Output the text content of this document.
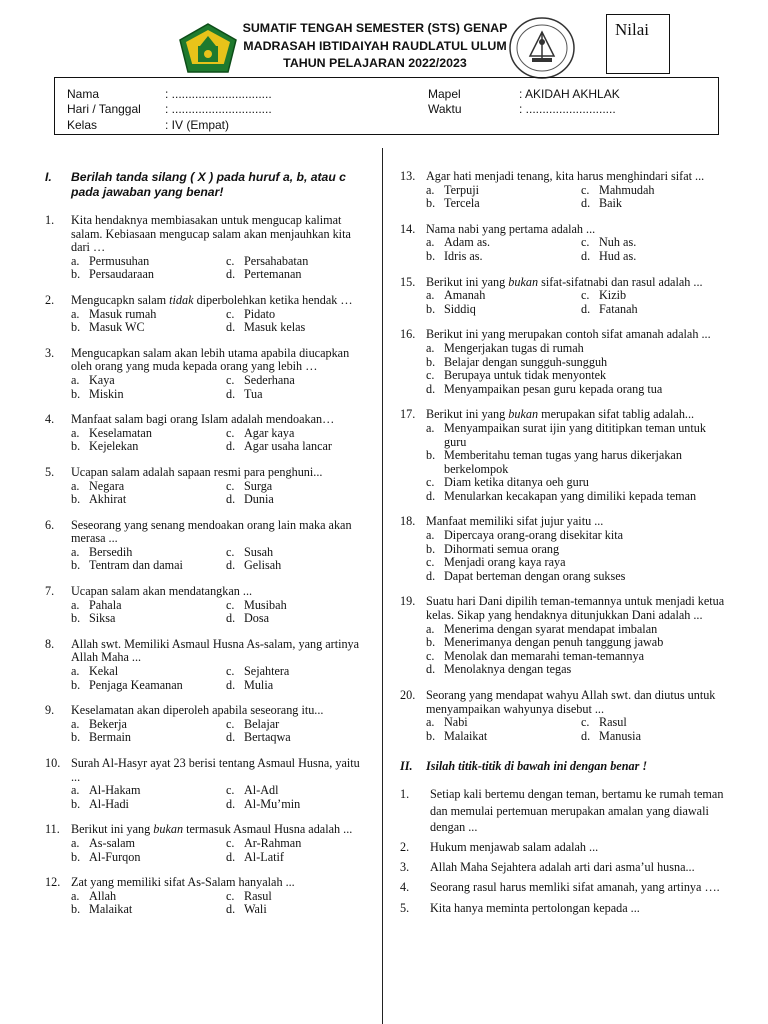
SUMATIF TENGAH SEMESTER (STS) GENAP
MADRASAH IBTIDAIYAH RAUDLATUL ULUM
TAHUN PELAJARAN 2022/2023
Nilai
Nama	: ..............................
Hari / Tanggal : ..............................
Kelas	: IV (Empat)
Mapel	: AKIDAH AKHLAK
Waktu	: ...........................
I.	Berilah tanda silang ( X ) pada huruf a, b, atau c pada jawaban yang benar!
1.	Kita hendaknya membiasakan untuk mengucap kalimat salam. Kebiasaan mengucap salam akan menjauhkan kita dari …
a. Permusuhan	c. Persahabatan
b. Persaudaraan	d. Pertemanan
2.	Mengucapkn salam tidak diperbolehkan ketika hendak …
a. Masuk rumah	c. Pidato
b. Masuk WC	d. Masuk kelas
3.	Mengucapkan salam akan lebih utama apabila diucapkan oleh orang yang muda kepada orang yang lebih …
a. Kaya	c. Sederhana
b. Miskin	d. Tua
4.	Manfaat salam bagi orang Islam adalah mendoakan…
a. Keselamatan	c. Agar kaya
b. Kejelekan	d. Agar usaha lancar
5.	Ucapan salam adalah sapaan resmi para penghuni...
a. Negara	c. Surga
b. Akhirat	d. Dunia
6.	Seseorang yang senang mendoakan orang lain maka akan merasa ...
a. Bersedih	c. Susah
b. Tentram dan damai	d. Gelisah
7.	Ucapan salam akan mendatangkan ...
a. Pahala	c. Musibah
b. Siksa	d. Dosa
8.	Allah swt. Memiliki Asmaul Husna As-salam, yang artinya Allah Maha ...
a. Kekal	c. Sejahtera
b. Penjaga Keamanan	d. Mulia
9.	Keselamatan akan diperoleh apabila seseorang itu...
a. Bekerja	c. Belajar
b. Bermain	d. Bertaqwa
10. Surah Al-Hasyr ayat 23 berisi tentang Asmaul Husna, yaitu ...
a. Al-Hakam	c. Al-Adl
b. Al-Hadi	d. Al-Mu’min
11. Berikut ini yang bukan termasuk Asmaul Husna adalah ...
a. As-salam	c. Ar-Rahman
b. Al-Furqon	d. Al-Latif
12. Zat yang memiliki sifat As-Salam hanyalah ...
a. Allah	c. Rasul
b. Malaikat	d. Wali
13. Agar hati menjadi tenang, kita harus menghindari sifat ...
a. Terpuji	c. Mahmudah
b. Tercela	d. Baik
14. Nama nabi yang pertama adalah ...
a. Adam as.	c. Nuh as.
b. Idris as.	d. Hud as.
15. Berikut ini yang bukan sifat-sifatnabi dan rasul adalah ...
a. Amanah	c. Kizib
b. Siddiq	d. Fatanah
16. Berikut ini yang merupakan contoh sifat amanah adalah ...
a. Mengerjakan tugas di rumah
b. Belajar dengan sungguh-sungguh
c. Berupaya untuk tidak menyontek
d. Menyampaikan pesan guru kepada orang tua
17. Berikut ini yang bukan merupakan sifat tablig adalah...
a. Menyampaikan surat ijin yang dititipkan teman untuk guru
b. Memberitahu teman tugas yang harus dikerjakan berkelompok
c. Diam ketika ditanya oeh guru
d. Menularkan kecakapan yang dimiliki kepada teman
18. Manfaat memiliki sifat jujur yaitu ...
a. Dipercaya orang-orang disekitar kita
b. Dihormati semua orang
c. Menjadi orang kaya raya
d. Dapat berteman dengan orang sukses
19. Suatu hari Dani dipilih teman-temannya untuk menjadi ketua kelas. Sikap yang hendaknya ditunjukkan Dani adalah ...
a. Menerima dengan syarat mendapat imbalan
b. Menerimanya dengan penuh tanggung jawab
c. Menolak dan memarahi teman-temannya
d. Menolaknya dengan tegas
20. Seorang yang mendapat wahyu Allah swt. dan diutus untuk menyampaikan wahyunya disebut ...
a. Nabi	c. Rasul
b. Malaikat	d. Manusia
II.	Isilah titik-titik di bawah ini dengan benar !
1.	Setiap kali bertemu dengan teman, bertamu ke rumah teman dan memulai pertemuan merupakan amalan yang diawali dengan ...
2.	Hukum menjawab salam adalah ...
3.	Allah Maha Sejahtera adalah arti dari asma’ul husna...
4.	Seorang rasul harus memliki sifat amanah, yang artinya ….
5.	Kita hanya meminta pertolongan kepada ...
